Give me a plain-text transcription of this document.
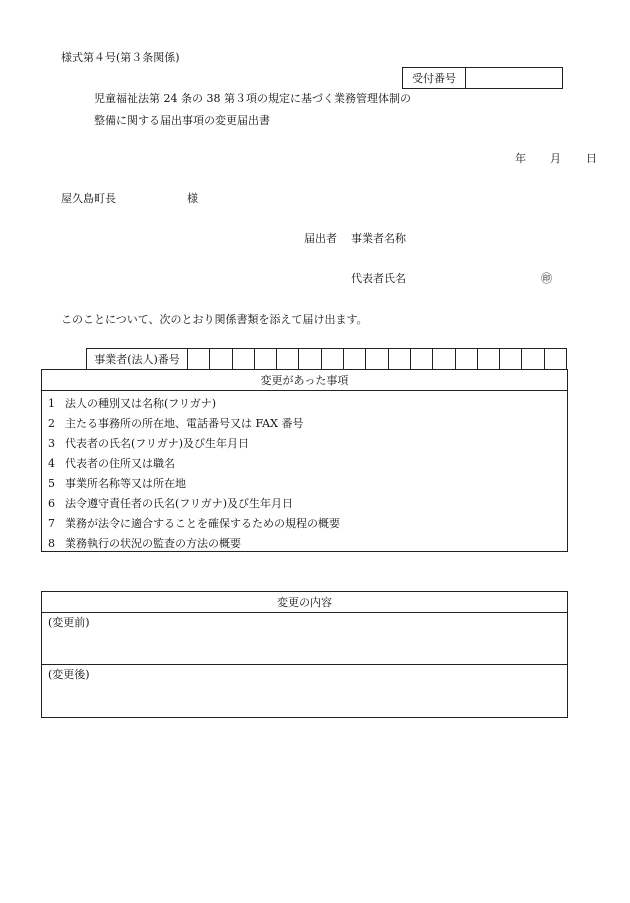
様式第４号(第３条関係)
受付番号
児童福祉法第 24 条の 38 第３項の規定に基づく業務管理体制の
整備に関する届出事項の変更届出書
年 月 日
屋久島町長	様
届出者 事業者名称
代表者氏名	㊞
このことについて、次のとおり関係書類を添えて届け出ます。
事業者(法人)番号
変更があった事項
1 法人の種別又は名称(フリガナ)
2 主たる事務所の所在地、電話番号又は FAX 番号
3 代表者の氏名(フリガナ)及び生年月日
4 代表者の住所又は職名
5 事業所名称等又は所在地
6 法令遵守責任者の氏名(フリガナ)及び生年月日
7 業務が法令に適合することを確保するための規程の概要
8 業務執行の状況の監査の方法の概要
変更の内容
(変更前)
(変更後)
